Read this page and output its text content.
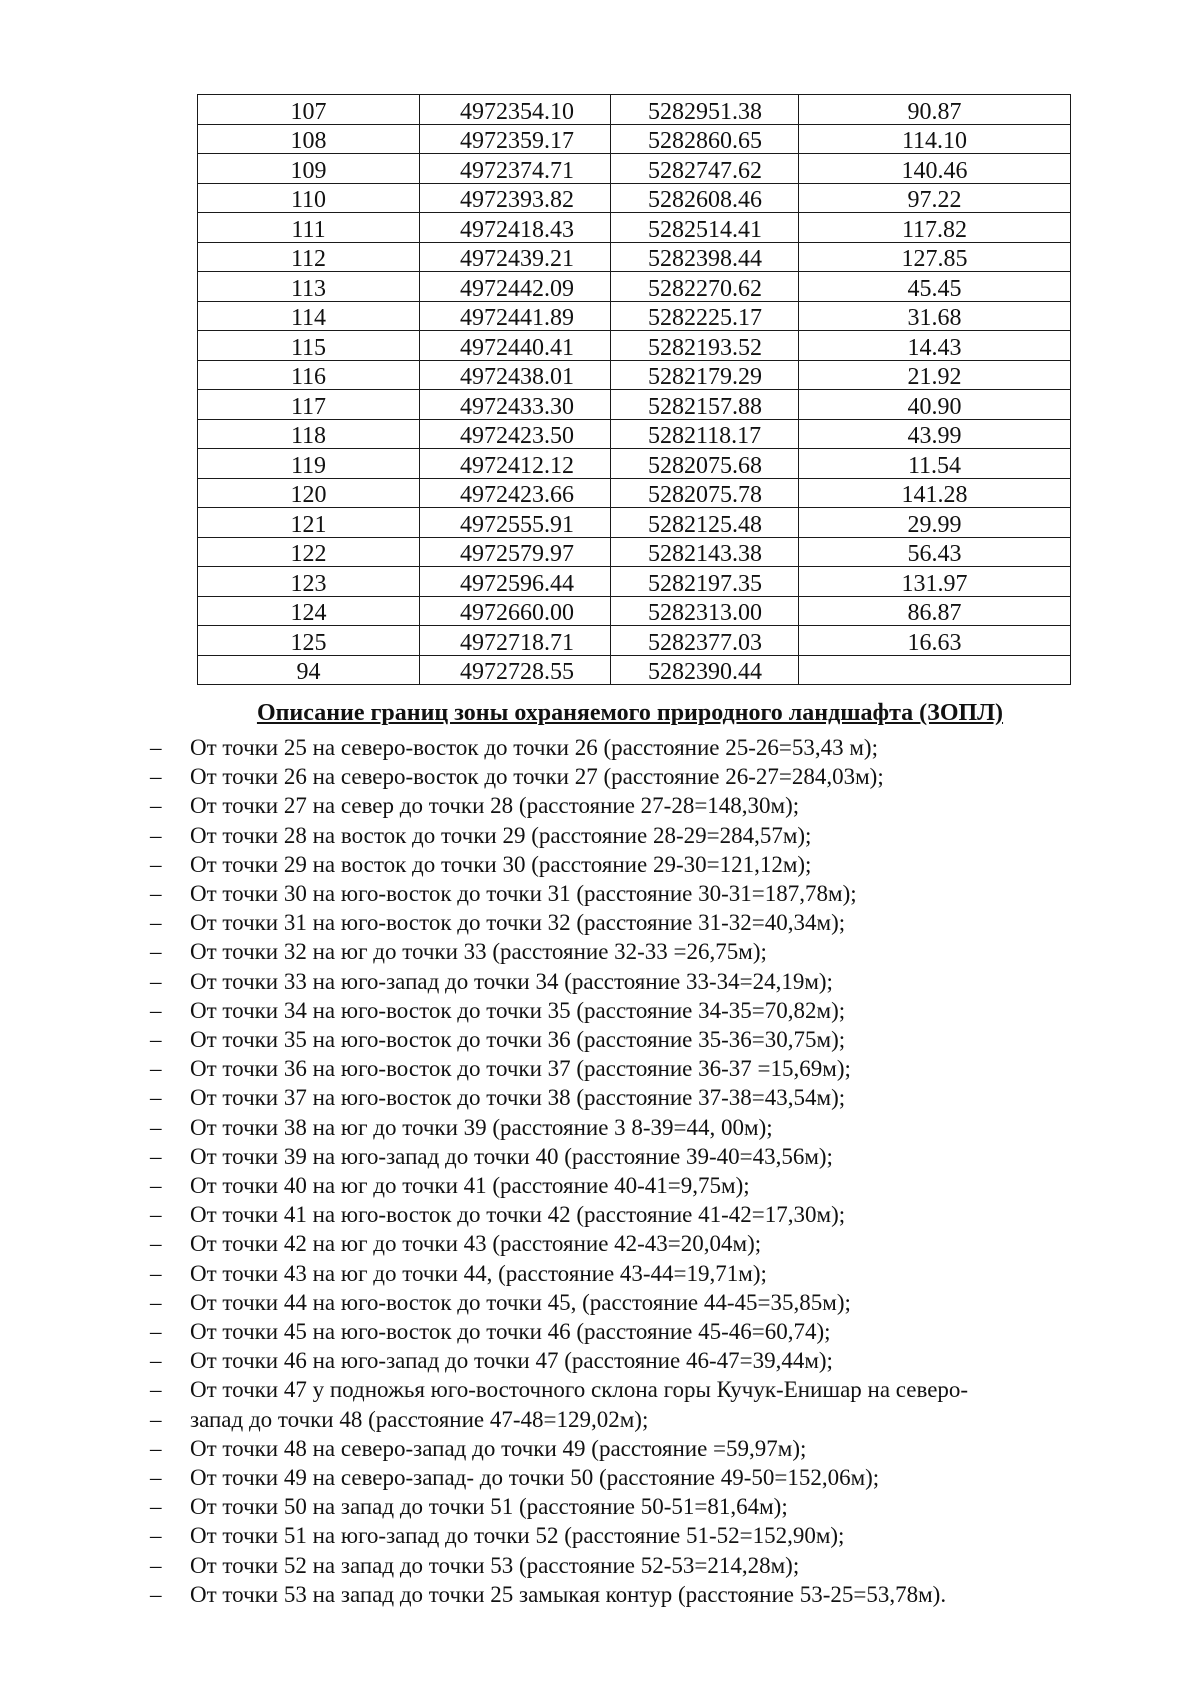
107	4972354.10	5282951.38	90.87
108	4972359.17	5282860.65	114.10
109	4972374.71	5282747.62	140.46
110	4972393.82	5282608.46	97.22
111	4972418.43	5282514.41	117.82
112	4972439.21	5282398.44	127.85
113	4972442.09	5282270.62	45.45
114	4972441.89	5282225.17	31.68
115	4972440.41	5282193.52	14.43
116	4972438.01	5282179.29	21.92
117	4972433.30	5282157.88	40.90
118	4972423.50	5282118.17	43.99
119	4972412.12	5282075.68	11.54
120	4972423.66	5282075.78	141.28
121	4972555.91	5282125.48	29.99
122	4972579.97	5282143.38	56.43
123	4972596.44	5282197.35	131.97
124	4972660.00	5282313.00	86.87
125	4972718.71	5282377.03	16.63
94	4972728.55	5282390.44	
Описание границ зоны охраняемого природного ландшафта (ЗОПЛ)
– От точки 25 на северо-восток до точки 26 (расстояние 25-26=53,43 м);
– От точки 26 на северо-восток до точки 27 (расстояние 26-27=284,03м);
– От точки 27 на север до точки 28 (расстояние 27-28=148,30м);
– От точки 28 на восток до точки 29 (расстояние 28-29=284,57м);
– От точки 29 на восток до точки 30 (расстояние 29-30=121,12м);
– От точки 30 на юго-восток до точки 31 (расстояние 30-31=187,78м);
– От точки 31 на юго-восток до точки 32 (расстояние 31-32=40,34м);
– От точки 32 на юг до точки 33 (расстояние 32-33 =26,75м);
– От точки 33 на юго-запад до точки 34 (расстояние 33-34=24,19м);
– От точки 34 на юго-восток до точки 35 (расстояние 34-35=70,82м);
– От точки 35 на юго-восток до точки 36 (расстояние 35-36=30,75м);
– От точки 36 на юго-восток до точки 37 (расстояние 36-37 =15,69м);
– От точки 37 на юго-восток до точки 38 (расстояние 37-38=43,54м);
– От точки 38 на юг до точки 39 (расстояние 3 8-39=44, 00м);
– От точки 39 на юго-запад до точки 40 (расстояние 39-40=43,56м);
– От точки 40 на юг до точки 41 (расстояние 40-41=9,75м);
– От точки 41 на юго-восток до точки 42 (расстояние 41-42=17,30м);
– От точки 42 на юг до точки 43 (расстояние 42-43=20,04м);
– От точки 43 на юг до точки 44, (расстояние 43-44=19,71м);
– От точки 44 на юго-восток до точки 45, (расстояние 44-45=35,85м);
– От точки 45 на юго-восток до точки 46 (расстояние 45-46=60,74);
– От точки 46 на юго-запад до точки 47 (расстояние 46-47=39,44м);
– От точки 47 у подножья юго-восточного склона горы Кучук-Енишар на северо-
– запад до точки 48 (расстояние 47-48=129,02м);
– От точки 48 на северо-запад до точки 49 (расстояние =59,97м);
– От точки 49 на северо-запад- до точки 50 (расстояние 49-50=152,06м);
– От точки 50 на запад до точки 51 (расстояние 50-51=81,64м);
– От точки 51 на юго-запад до точки 52 (расстояние 51-52=152,90м);
– От точки 52 на запад до точки 53 (расстояние 52-53=214,28м);
– От точки 53 на запад до точки 25 замыкая контур (расстояние 53-25=53,78м).
